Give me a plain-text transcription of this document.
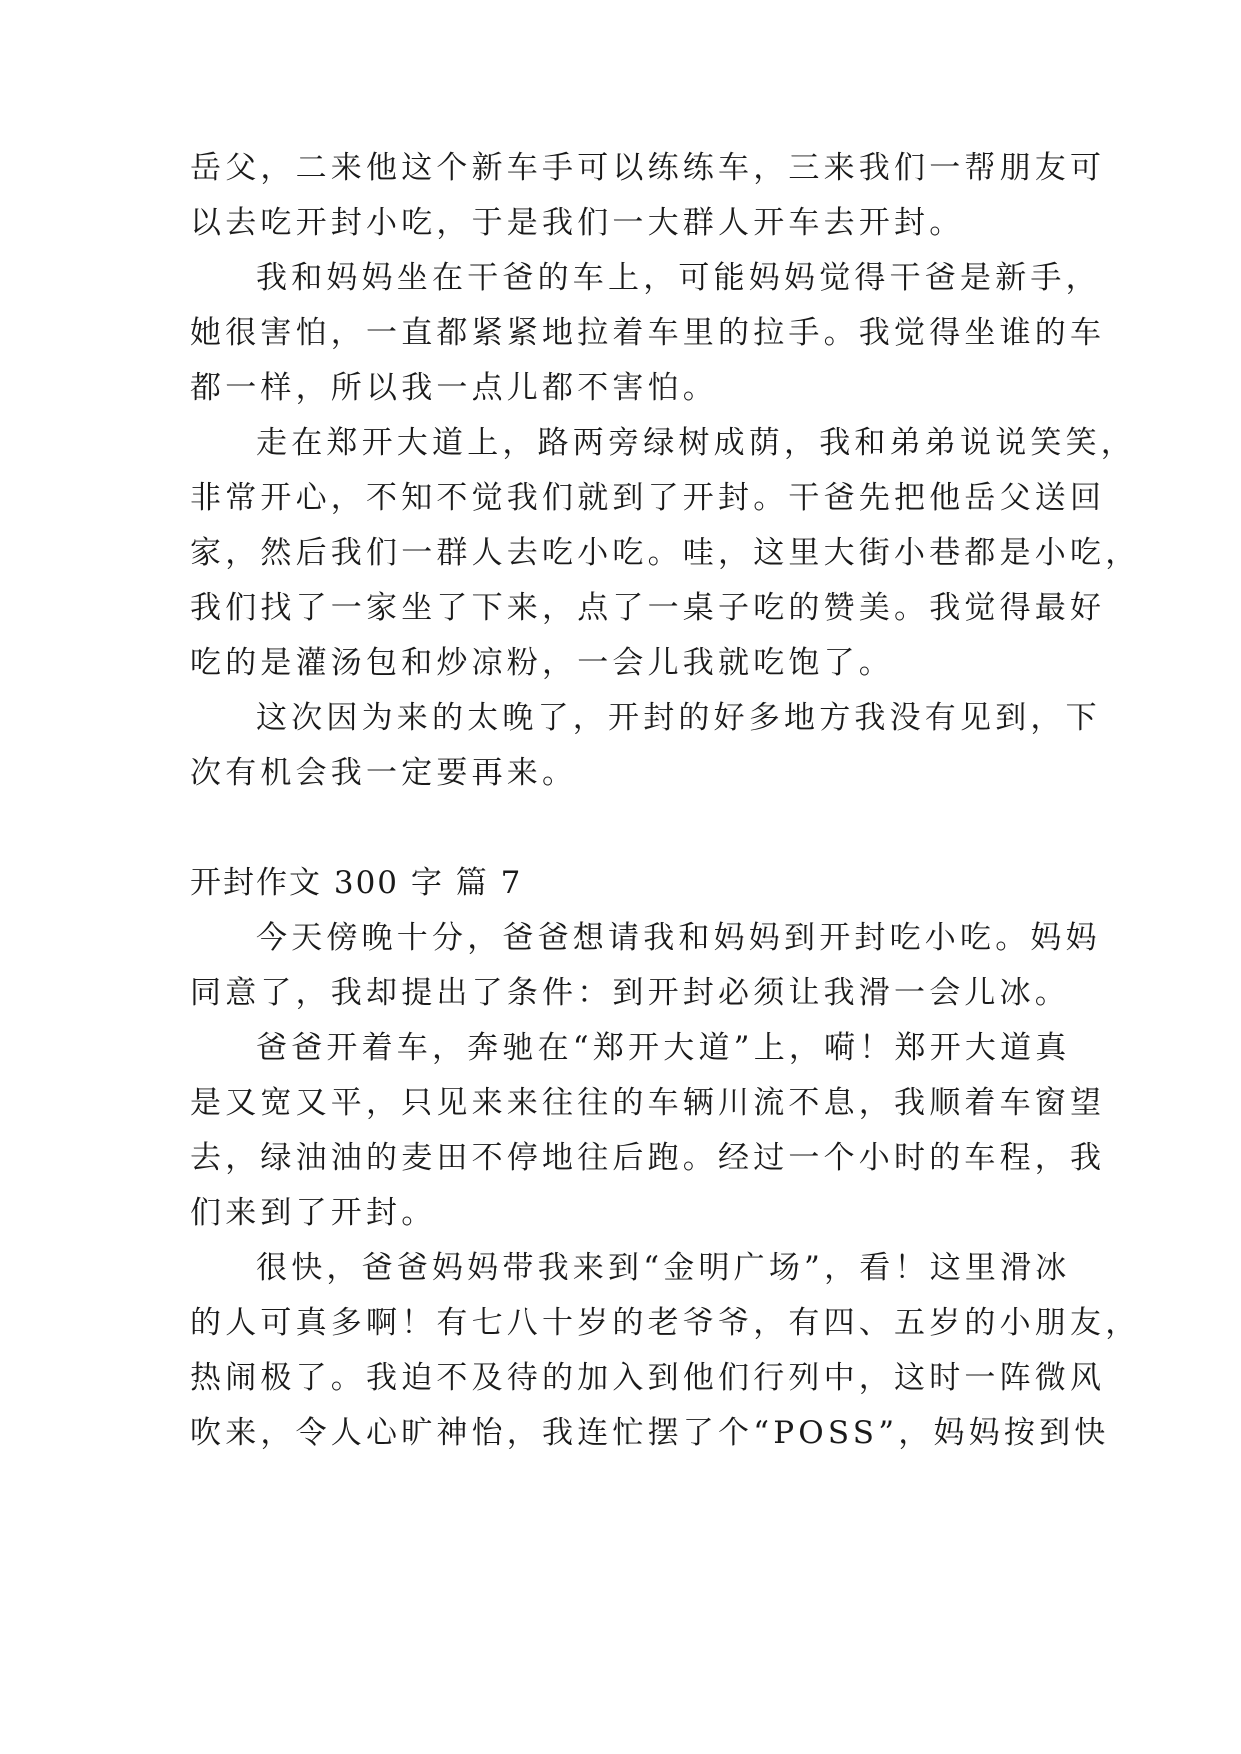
岳父，二来他这个新车手可以练练车，三来我们一帮朋友可
以去吃开封小吃，于是我们一大群人开车去开封。
我和妈妈坐在干爸的车上，可能妈妈觉得干爸是新手，
她很害怕，一直都紧紧地拉着车里的拉手。我觉得坐谁的车
都一样，所以我一点儿都不害怕。
走在郑开大道上，路两旁绿树成荫，我和弟弟说说笑笑，
非常开心，不知不觉我们就到了开封。干爸先把他岳父送回
家，然后我们一群人去吃小吃。哇，这里大街小巷都是小吃，
我们找了一家坐了下来，点了一桌子吃的赞美。我觉得最好
吃的是灌汤包和炒凉粉，一会儿我就吃饱了。
这次因为来的太晚了，开封的好多地方我没有见到，下
次有机会我一定要再来。
开封作文 300 字 篇 7
今天傍晚十分，爸爸想请我和妈妈到开封吃小吃。妈妈
同意了，我却提出了条件：到开封必须让我滑一会儿冰。
爸爸开着车，奔驰在“郑开大道”上，嗬！郑开大道真
是又宽又平，只见来来往往的车辆川流不息，我顺着车窗望
去，绿油油的麦田不停地往后跑。经过一个小时的车程，我
们来到了开封。
很快，爸爸妈妈带我来到“金明广场”，看！这里滑冰
的人可真多啊！有七八十岁的老爷爷，有四、五岁的小朋友，
热闹极了。我迫不及待的加入到他们行列中，这时一阵微风
吹来，令人心旷神怡，我连忙摆了个“POSS”，妈妈按到快
